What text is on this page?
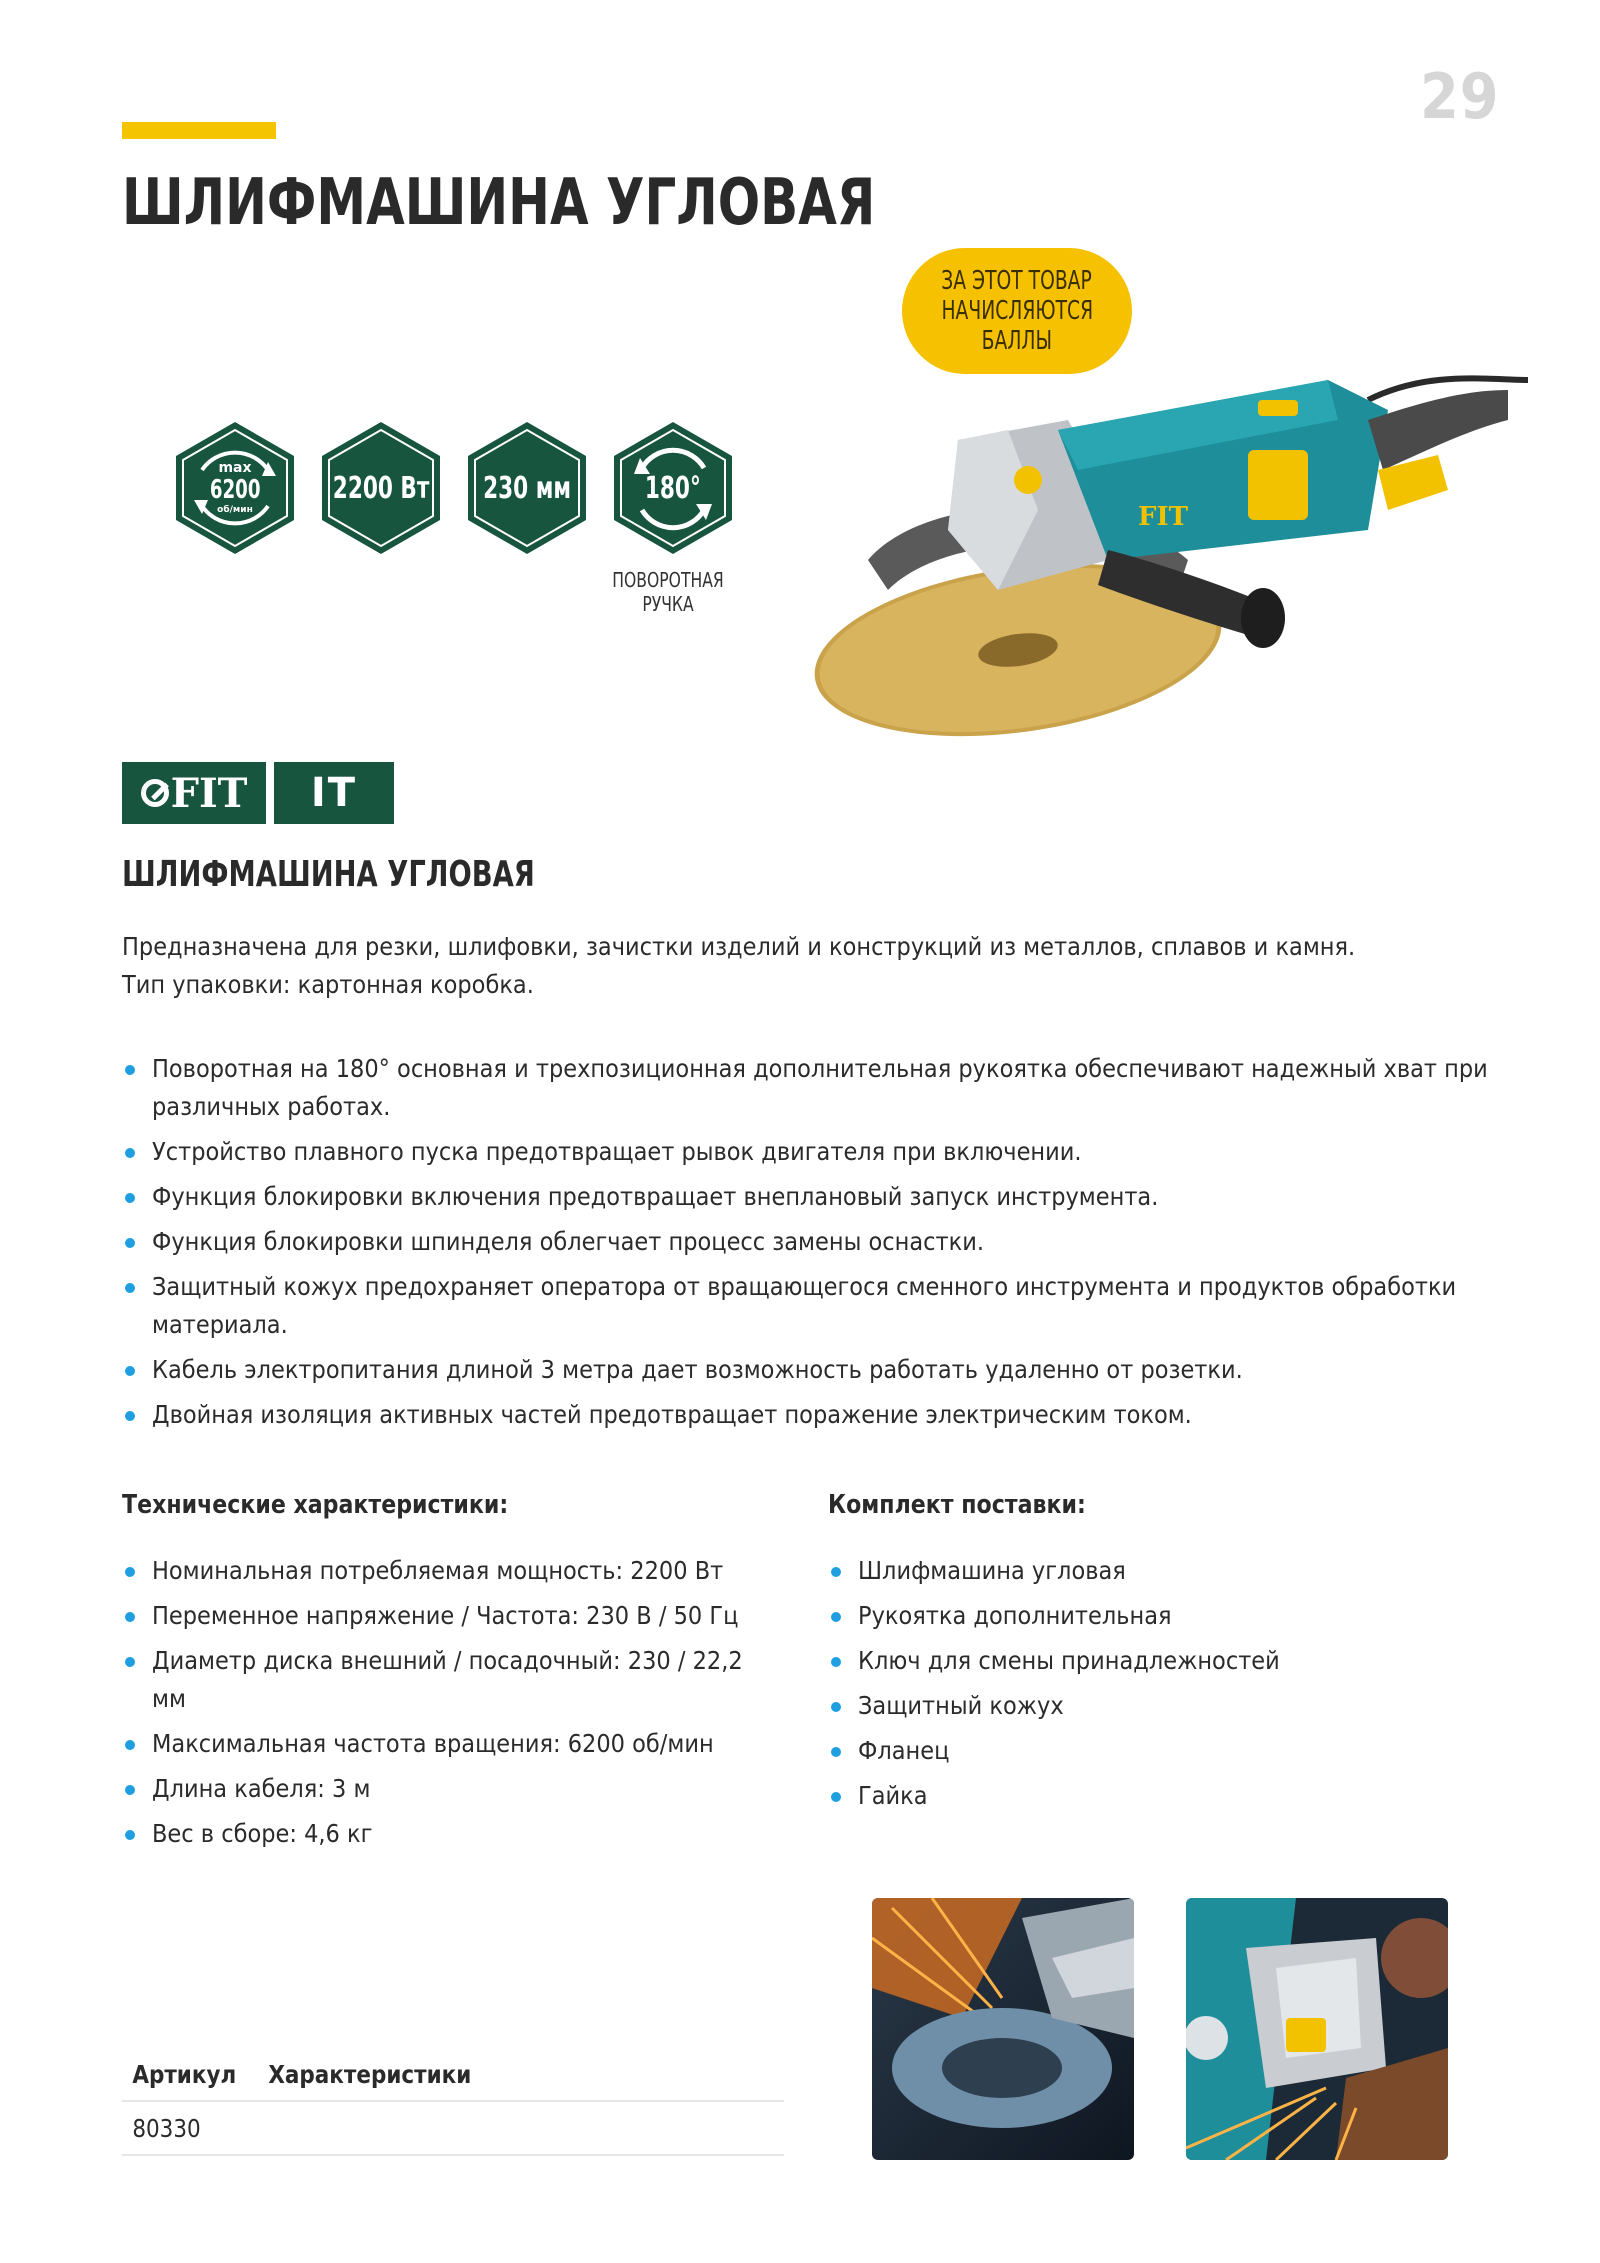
29
ШЛИФМАШИНА УГЛОВАЯ
max
6200
об/мин
2200 Вт 230 мм 180°
ПОВОРОТНАЯ
РУЧКА
ЗА ЭТОТ ТОВАР
НАЧИСЛЯЮТСЯ
БАЛЛЫ
FIT
FIT	IT
ШЛИФМАШИНА УГЛОВАЯ

Предназначена для резки, шлифовки, зачистки изделий и конструкций из металлов, сплавов и камня.

Тип упаковки: картонная коробка.

Поворотная на 180° основная и трехпозиционная дополнительная рукоятка обеспечивают надежный хват при различных работах.
Устройство плавного пуска предотвращает рывок двигателя при включении.
Функция блокировки включения предотвращает внеплановый запуск инструмента.
Функция блокировки шпинделя облегчает процесс замены оснастки.
Защитный кожух предохраняет оператора от вращающегося сменного инструмента и продуктов обработки материала.
Кабель электропитания длиной 3 метра дает возможность работать удаленно от розетки.
Двойная изоляция активных частей предотвращает поражение электрическим током.
Технические характеристики:	Комплект поставки:
Номинальная потребляемая мощность: 2200 Вт
Переменное напряжение / Частота: 230 В / 50 Гц
Диаметр диска внешний / посадочный: 230 / 22,2 мм
Максимальная частота вращения: 6200 об/мин
Длина кабеля: 3 м
Вес в сборе: 4,6 кг
Шлифмашина угловая
Рукоятка дополнительная
Ключ для смены принадлежностей
Защитный кожух
Фланец
Гайка
Артикул	Характеристики
80330
